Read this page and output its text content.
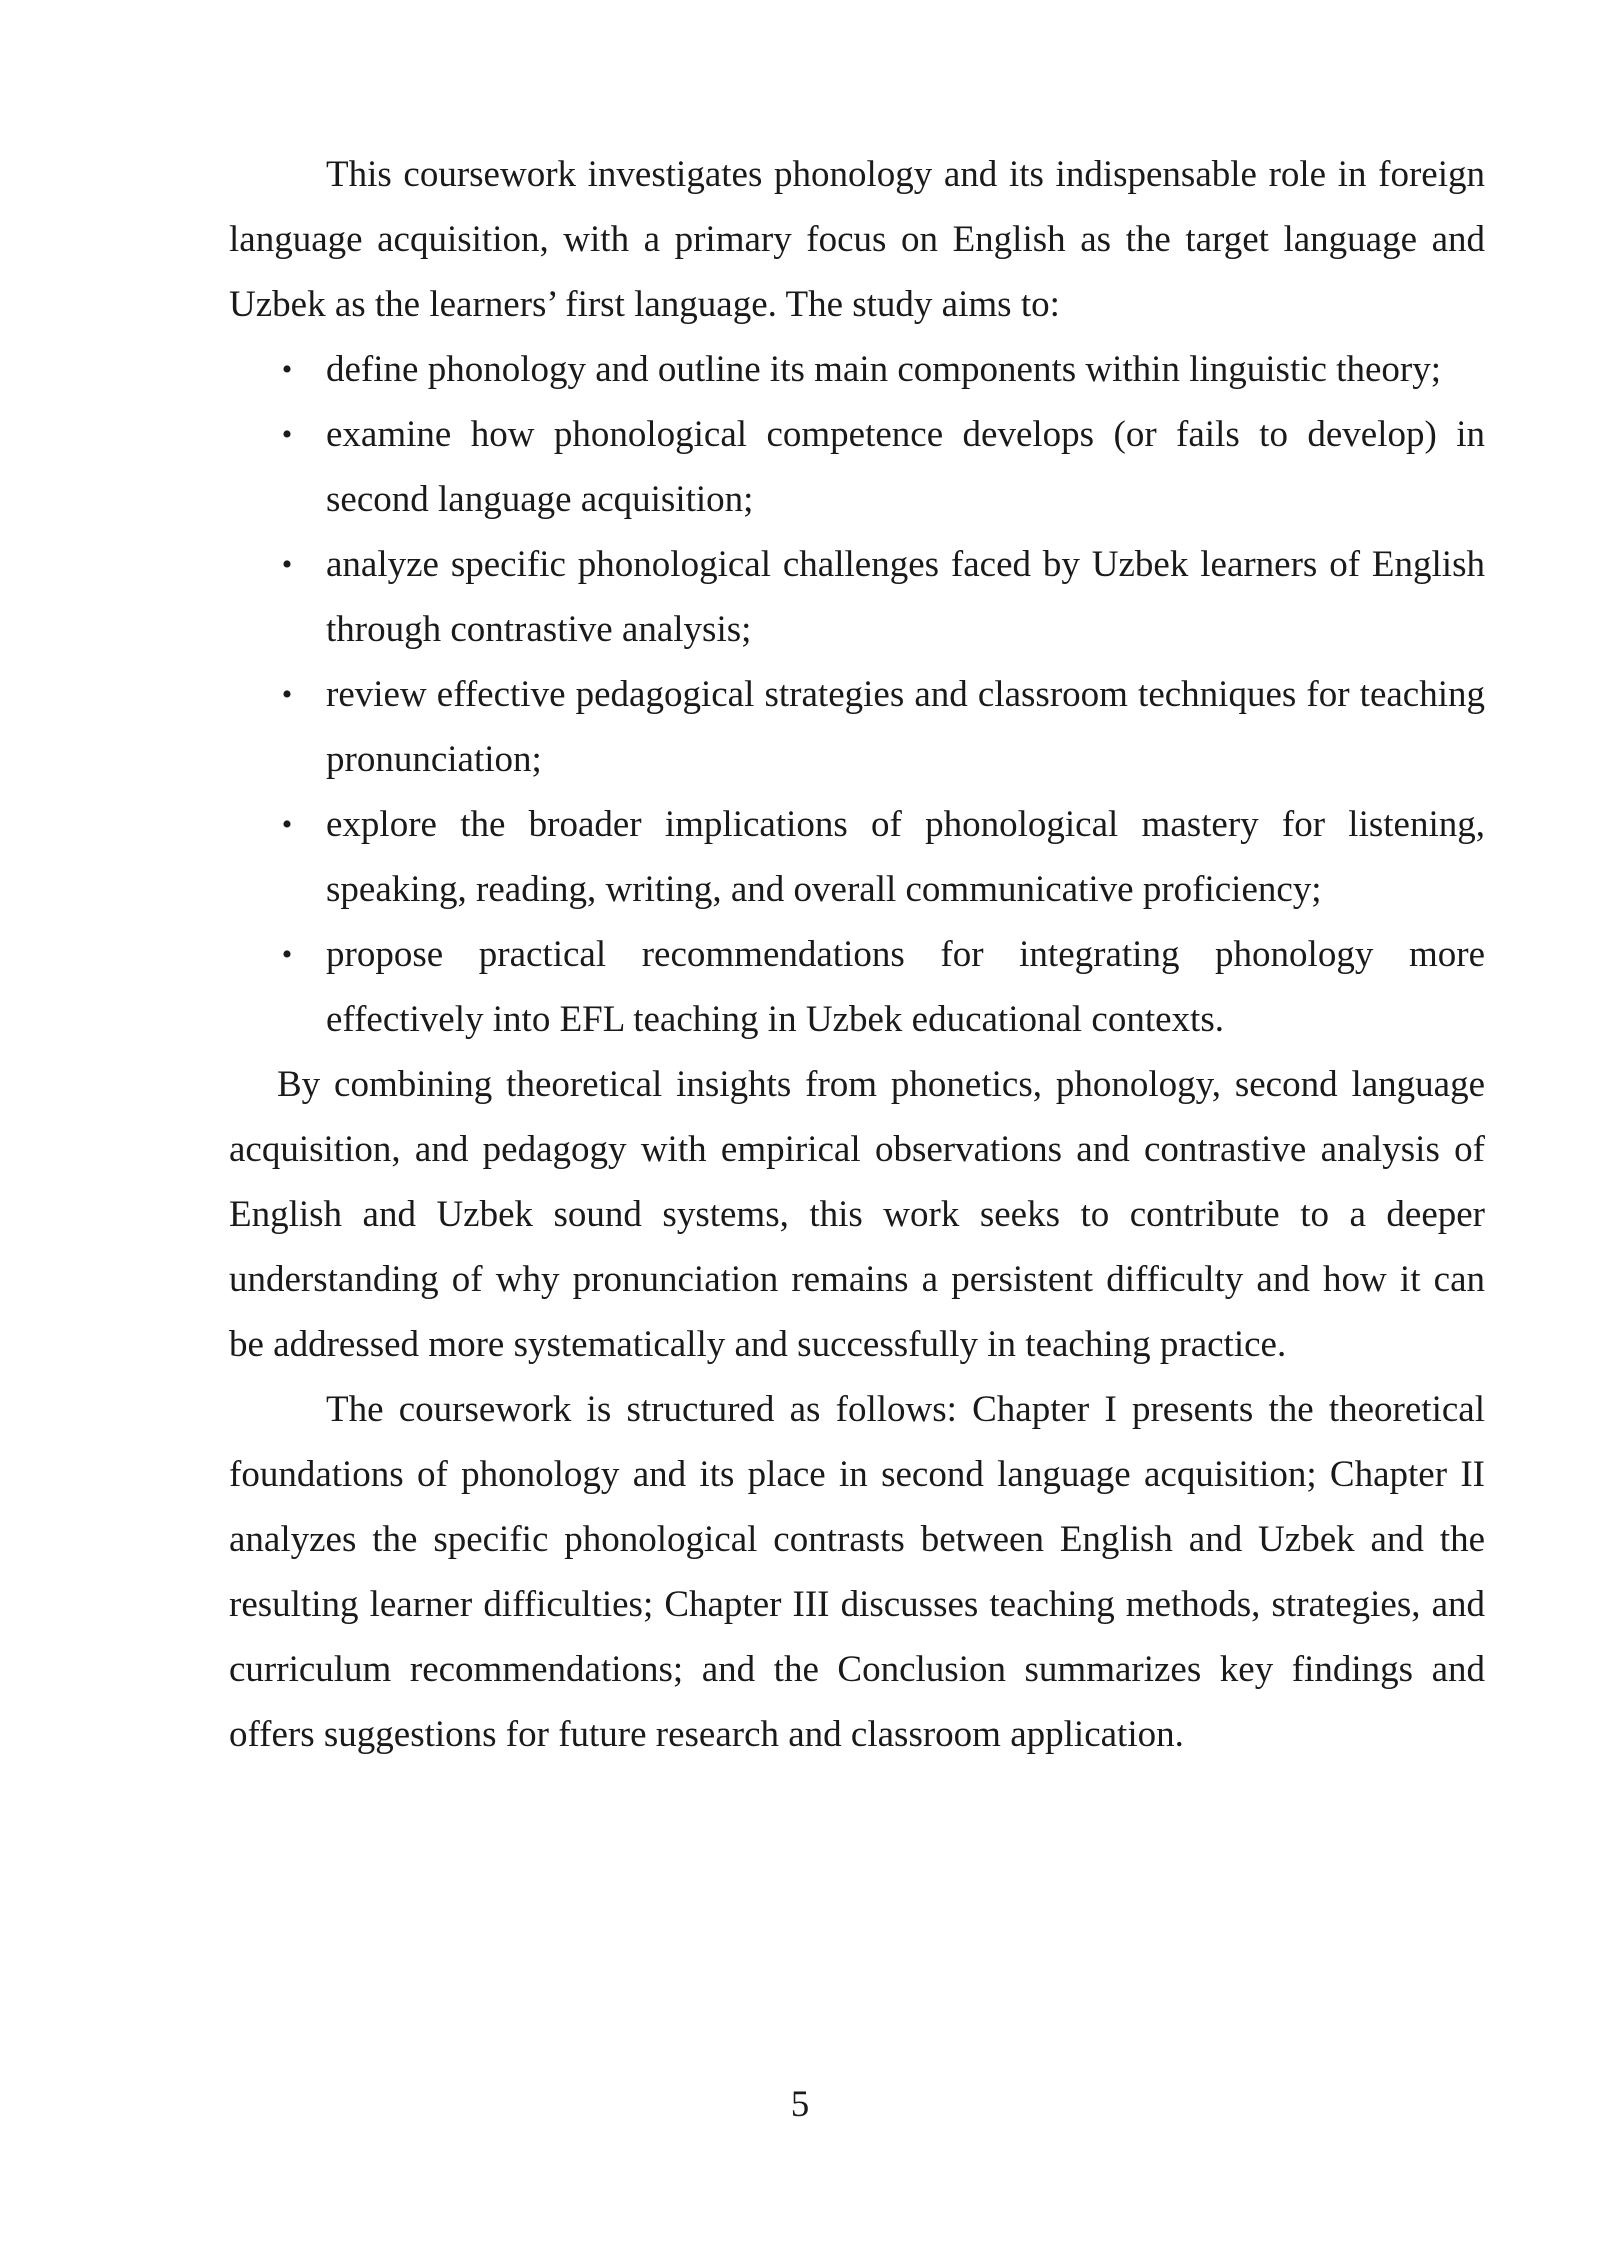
This coursework investigates phonology and its indispensable role in foreign language acquisition, with a primary focus on English as the target language and Uzbek as the learners’ first language. The study aims to:

• define phonology and outline its main components within linguistic theory;
• examine how phonological competence develops (or fails to develop) in second language acquisition;
• analyze specific phonological challenges faced by Uzbek learners of English through contrastive analysis;
• review effective pedagogical strategies and classroom techniques for teaching pronunciation;
• explore the broader implications of phonological mastery for listening, speaking, reading, writing, and overall communicative proficiency;
• propose practical recommendations for integrating phonology more effectively into EFL teaching in Uzbek educational contexts.

By combining theoretical insights from phonetics, phonology, second language acquisition, and pedagogy with empirical observations and contrastive analysis of English and Uzbek sound systems, this work seeks to contribute to a deeper understanding of why pronunciation remains a persistent difficulty and how it can be addressed more systematically and successfully in teaching practice.

The coursework is structured as follows: Chapter I presents the theoretical foundations of phonology and its place in second language acquisition; Chapter II analyzes the specific phonological contrasts between English and Uzbek and the resulting learner difficulties; Chapter III discusses teaching methods, strategies, and curriculum recommendations; and the Conclusion summarizes key findings and offers suggestions for future research and classroom application.

5
